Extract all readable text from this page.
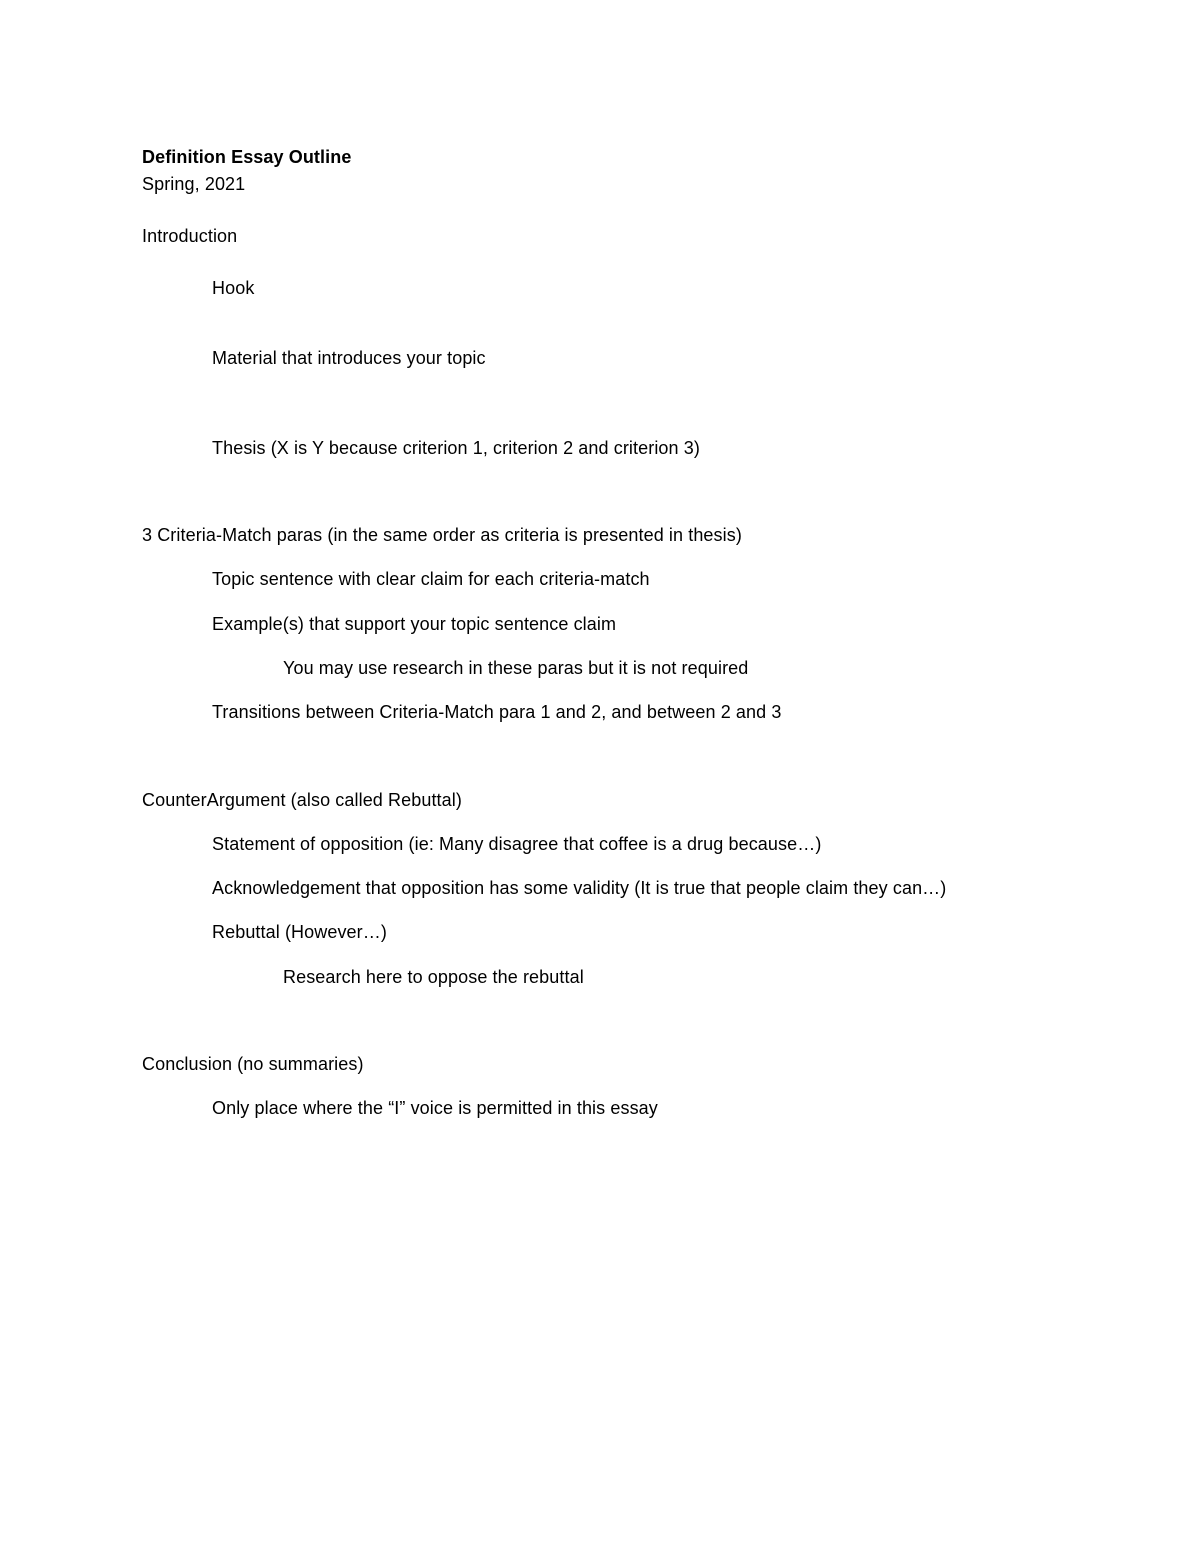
Definition Essay Outline
Spring, 2021
Introduction
Hook
Material that introduces your topic
Thesis (X is Y because criterion 1, criterion 2 and criterion 3)
3 Criteria-Match paras (in the same order as criteria is presented in thesis)
Topic sentence with clear claim for each criteria-match
Example(s) that support your topic sentence claim
You may use research in these paras but it is not required
Transitions between Criteria-Match para 1 and 2, and between 2 and 3
CounterArgument (also called Rebuttal)
Statement of opposition (ie: Many disagree that coffee is a drug because…)
Acknowledgement that opposition has some validity (It is true that people claim they can…)
Rebuttal (However…)
Research here to oppose the rebuttal
Conclusion (no summaries)
Only place where the “I” voice is permitted in this essay
